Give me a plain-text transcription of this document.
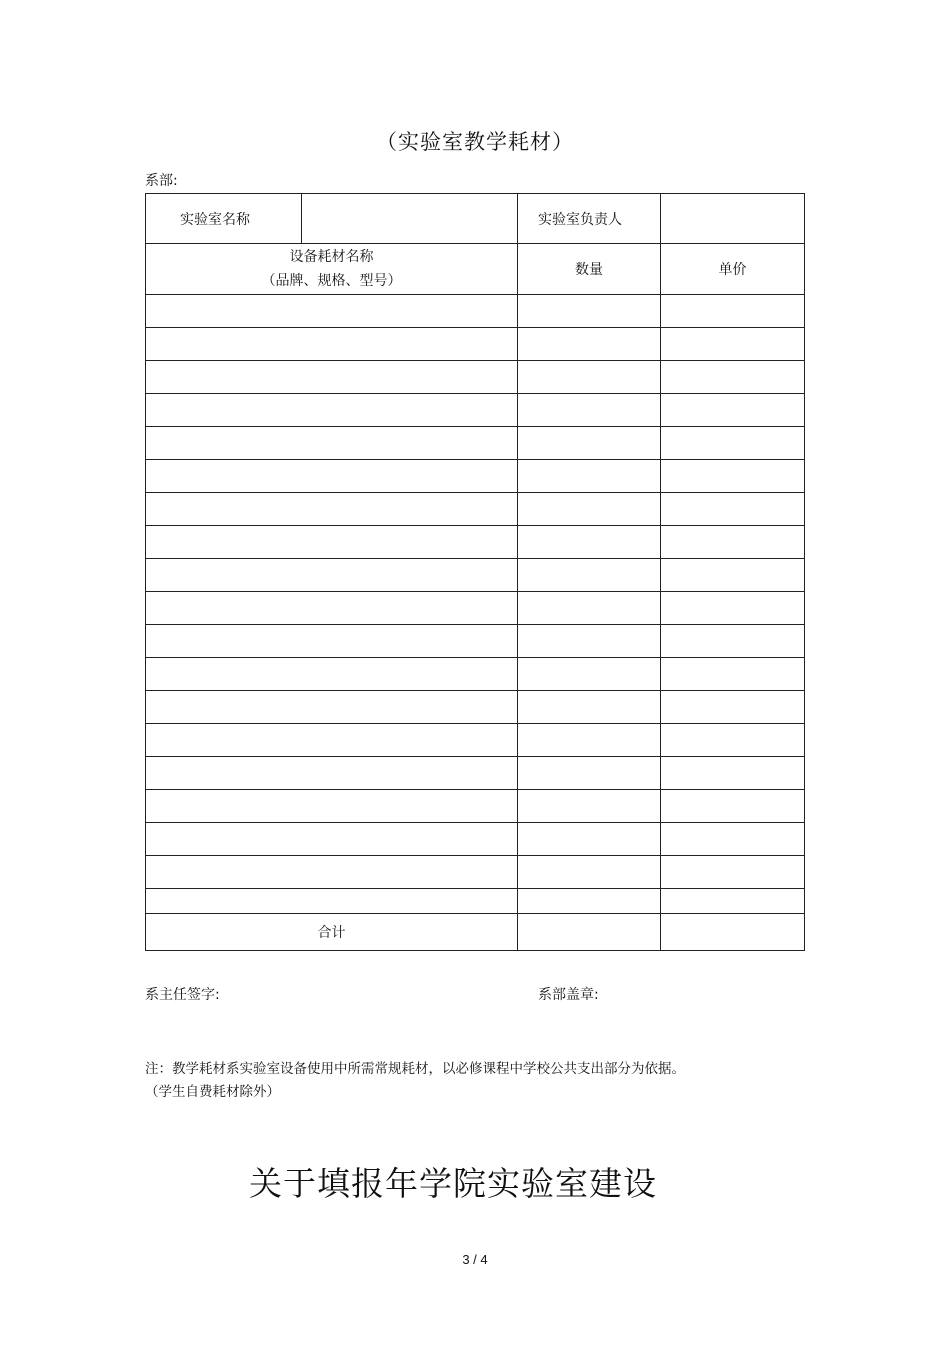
（实验室教学耗材）
系部:
实验室名称		实验室负责人	

设备耗材名称
（品牌、规格、型号）		数量	单价

合计			
系主任签字:	系部盖章:
注：教学耗材系实验室设备使用中所需常规耗材，以必修课程中学校公共支出部分为依据。
（学生自费耗材除外）
关于填报年学院实验室建设
3 / 4
